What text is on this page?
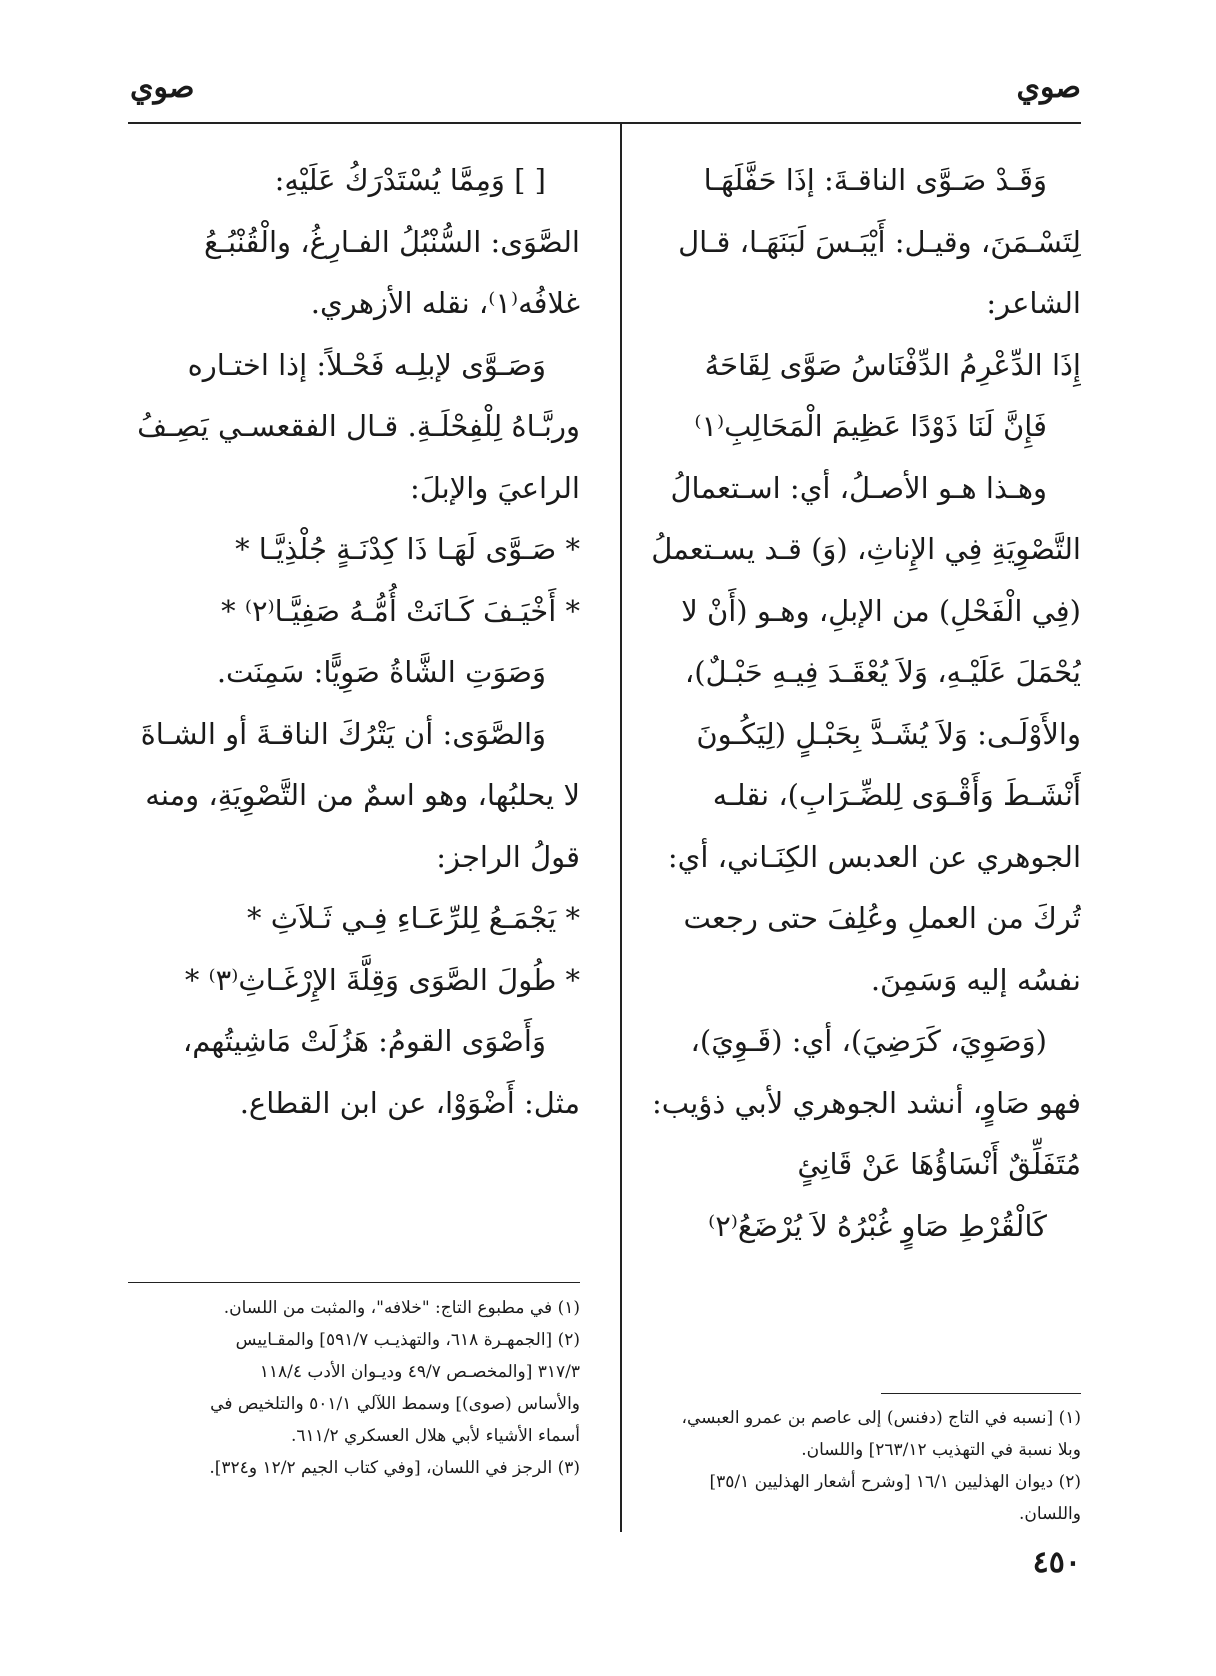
صوي
صوي
وَقَـدْ صَـوَّى الناقـةَ: إذَا حَفَّلَهَـا
لِتَسْـمَنَ، وقيـل: أَيْبَـسَ لَبَنَهَـا، قـال
الشاعر:
إِذَا الدِّعْرِمُ الدِّفْنَاسُ صَوَّى لِقَاحَهُ
فَإِنَّ لَنَا ذَوْدًا عَظِيمَ الْمَحَالِبِ⁽١⁾
وهـذا هـو الأصـلُ، أي: اسـتعمالُ
التَّصْوِيَةِ فِي الإِناثِ، (وَ) قـد يسـتعملُ
(فِي الْفَحْلِ) من الإبلِ، وهـو (أَنْ لا
يُحْمَلَ عَلَيْـهِ، وَلاَ يُعْقَـدَ فِيـهِ حَبْـلٌ)،
والأَوْلَـى: وَلاَ يُشَـدَّ بِحَبْـلٍ (لِيَكُـونَ
أَنْشَـطَ وَأَقْـوَى لِلضِّـرَابِ)، نقلـه
الجوهري عن العدبس الكِنَـاني، أي:
تُركَ من العملِ وعُلِفَ حتى رجعت
نفسُه إليه وَسَمِنَ.
(وَصَوِيَ، كَرَضِيَ)، أي: (قَـوِيَ)،
فهو صَاوٍ، أنشد الجوهري لأبي ذؤيب:
مُتَفَلِّقٌ أَنْسَاؤُهَا عَنْ قَانِئٍ
كَالْقُرْطِ صَاوٍ غُبْرُهُ لاَ يُرْضَعُ⁽٢⁾
[ ] وَمِمَّا يُسْتَدْرَكُ عَلَيْهِ:
الصَّوَى: السُّنْبُلُ الفـارِغُ، والْقُنْبُـعُ
غلافُه⁽١⁾، نقله الأزهري.
وَصَـوَّى لإبلِـه فَحْـلاً: إذا اختـاره
وربَّـاهُ لِلْفِحْلَـةِ. قـال الفقعسـي يَصِـفُ
الراعيَ والإبلَ:
* صَـوَّى لَهَـا ذَا كِدْنَـةٍ جُلْذِيَّـا *
* أَخْيَـفَ كَـانَتْ أُمُّـهُ صَفِيَّـا⁽٢⁾ *
وَصَوَتِ الشَّاةُ صَوِيًّا: سَمِنَت.
وَالصَّوَى: أن يَتْرُكَ الناقـةَ أو الشـاةَ
لا يحلبُها، وهو اسمٌ من التَّصْوِيَةِ، ومنه
قولُ الراجز:
* يَجْمَـعُ لِلرِّعَـاءِ فِـي ثَـلاَثِ *
* طُولَ الصَّوَى وَقِلَّةَ الإِرْغَـاثِ⁽٣⁾ *
وَأَصْوَى القومُ: هَزُلَتْ مَاشِيتُهم،
مثل: أَضْوَوْا، عن ابن القطاع.
(١) في مطبوع التاج: "خلافه"، والمثبت من اللسان.
(٢) [الجمهـرة ٦١٨، والتهذيـب ٥٩١/٧] والمقـاييس
٣١٧/٣ [والمخصـص ٤٩/٧ وديـوان الأدب ١١٨/٤
والأساس (صوى)] وسمط اللآلي ٥٠١/١ والتلخيص في
أسماء الأشياء لأبي هلال العسكري ٦١١/٢.
(٣) الرجز في اللسان، [وفي كتاب الجيم ١٢/٢ و٣٢٤].
(١) [نسبه في التاج (دفنس) إلى عاصم بن عمرو العبسي،
وبلا نسبة في التهذيب ٢٦٣/١٢] واللسان.
(٢) ديوان الهذليين ١٦/١ [وشرح أشعار الهذليين ٣٥/١]
واللسان.
٤٥٠
